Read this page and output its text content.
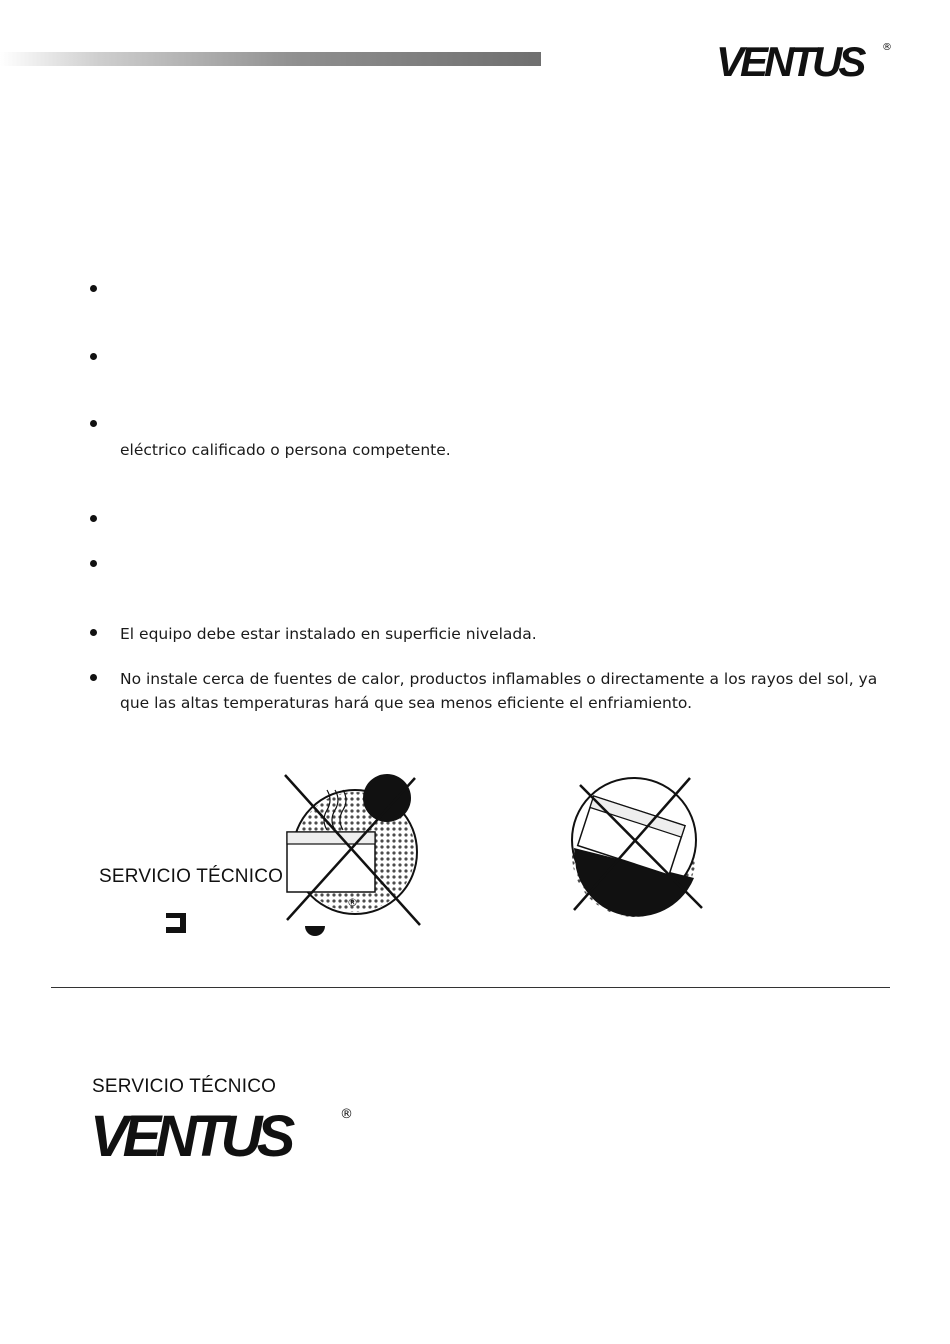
VENTUS	®
eléctrico calificado o persona competente.
El equipo debe estar instalado en superficie nivelada.
No instale cerca de fuentes de calor, productos inflamables o directamente a los rayos del sol, ya que las altas temperaturas hará que sea menos eficiente el enfriamiento.
SERVICIO TÉCNICO
®
SERVICIO TÉCNICO
VENTUS	®
